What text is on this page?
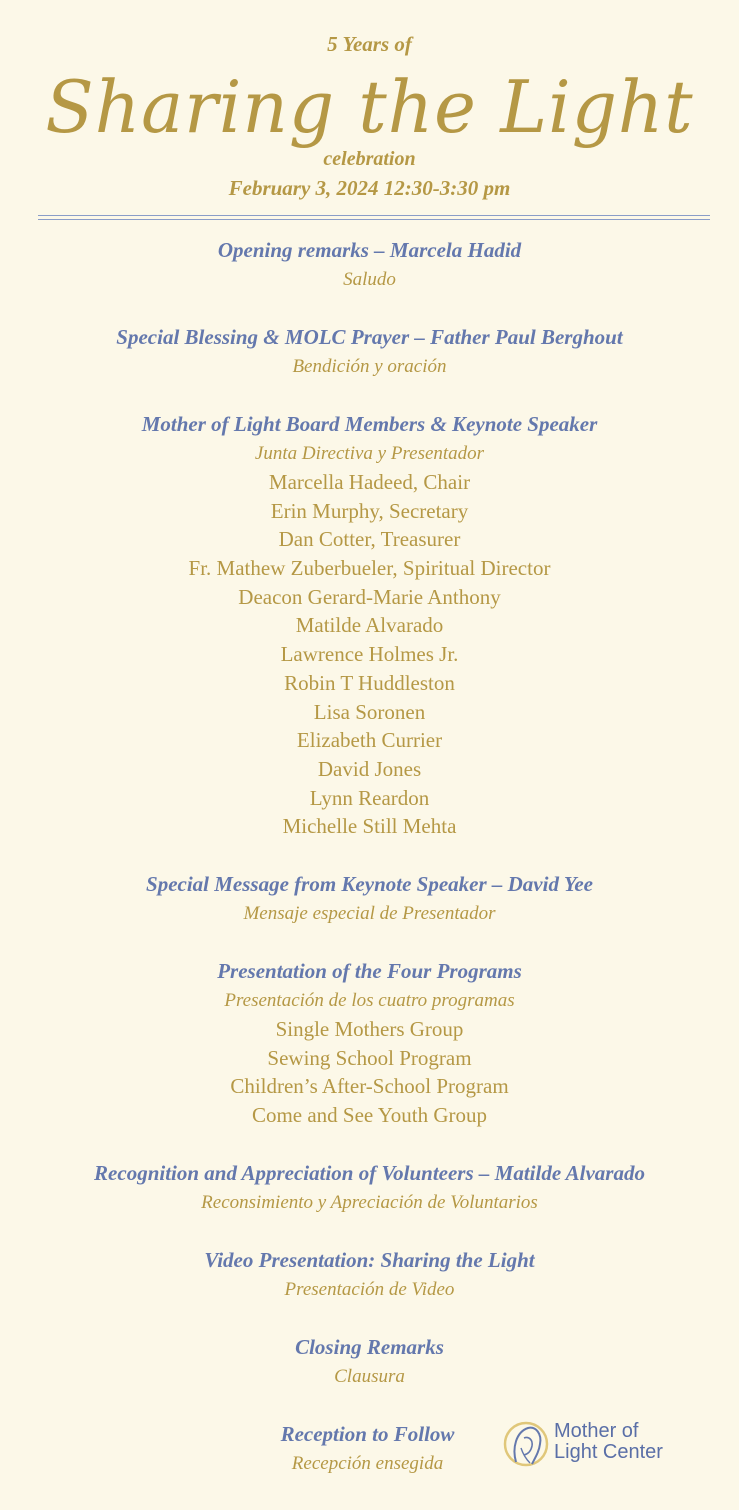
5 Years of
Sharing the Light
celebration
February 3, 2024 12:30-3:30 pm
Opening remarks – Marcela Hadid
Saludo
Special Blessing & MOLC Prayer – Father Paul Berghout
Bendición y oración
Mother of Light Board Members & Keynote Speaker
Junta Directiva y Presentador
Marcella Hadeed, Chair
Erin Murphy, Secretary
Dan Cotter, Treasurer
Fr. Mathew Zuberbueler, Spiritual Director
Deacon Gerard-Marie Anthony
Matilde Alvarado
Lawrence Holmes Jr.
Robin T Huddleston
Lisa Soronen
Elizabeth Currier
David Jones
Lynn Reardon
Michelle Still Mehta
Special Message from Keynote Speaker – David Yee
Mensaje especial de Presentador
Presentation of the Four Programs
Presentación de los cuatro programas
Single Mothers Group
Sewing School Program
Children’s After-School Program
Come and See Youth Group
Recognition and Appreciation of Volunteers – Matilde Alvarado
Reconsimiento y Apreciación de Voluntarios
Video Presentation: Sharing the Light
Presentación de Video
Closing Remarks
Clausura
Reception to Follow
Recepción ensegida
Mother of
Light Center
